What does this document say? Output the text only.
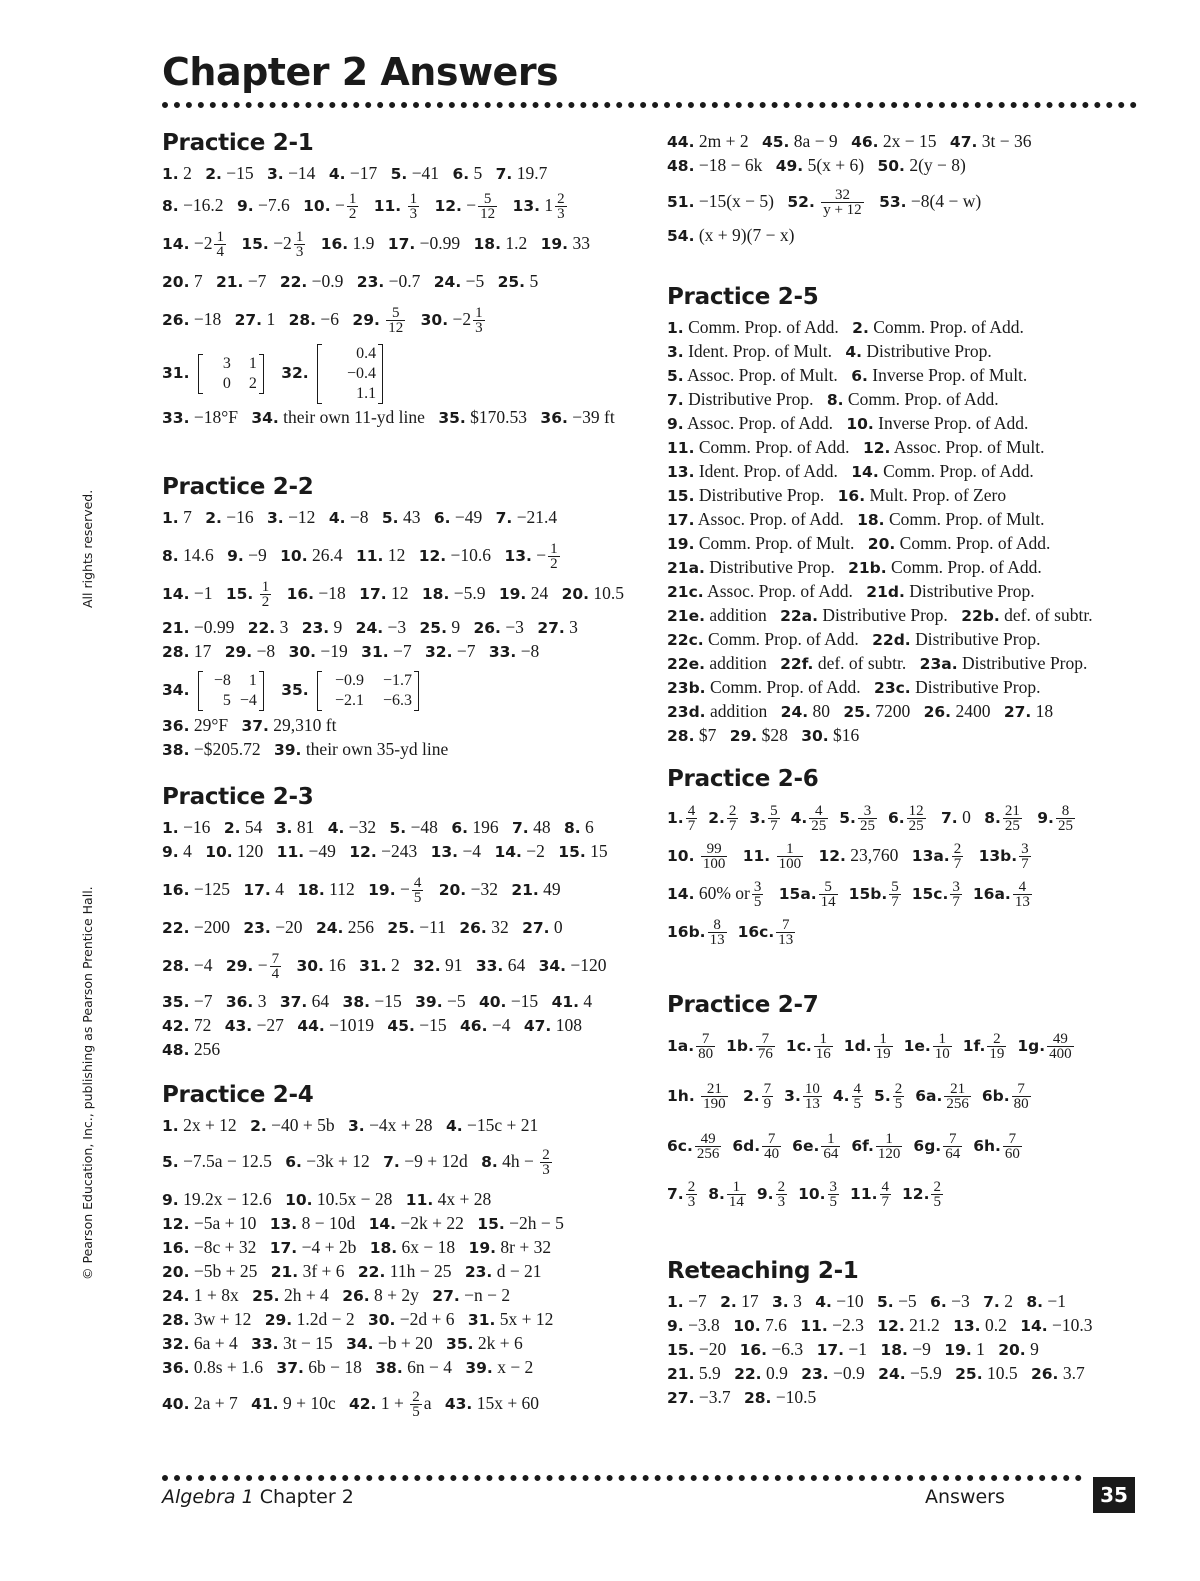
Chapter 2 Answers
© Pearson Education, Inc., publishing as Pearson Prentice Hall.
All rights reserved.
Practice 2-1
1. 2 2. −15 3. −14 4. −17 5. −41 6. 5 7. 19.7
8. −16.2 9. −7.6 10. − $\frac{1}{2} 11$. $\frac{1}{3} 12$. − $\frac{5}{12} 13$. $1 \frac{2}{3}$
14. $-2 \frac{1}{4} 15$. $-2 \frac{1}{3} 16$. 1.9 17. −0.99 18. 1.2 19. 33
20. 7 21. −7 22. −0.9 23. −0.7 24. −5 25. 5
26. −18 27. 1 28. −6 29. $\frac{5}{12} 30$. $-2 \frac{1}{3}$
31.
3 1
0 2
32.
0.4
−0.4
1.1
33. −18°F 34. their own 11-yd line 35. $170.53 36. −39 ft
Practice 2-2
1. 7 2. −16 3. −12 4. −8 5. 43 6. −49 7. −21.4
8. 14.6 9. −9 10. 26.4 11. 12 12. −10.6 13. − $\frac{1}{2}$
14. −1 15. $\frac{1}{2} 16$. −18 17. 12 18. −5.9 19. 24 20. 10.5
21. −0.99 22. 3 23. 9 24. −3 25. 9 26. −3 27. 3
28. 17 29. −8 30. −19 31. −7 32. −7 33. −8
34.
−8 1
5 −4
35.
−0.9 −1.7
−2.1 −6.3
36. 29°F 37. 29,310 ft
38. −$205.72 39. their own 35-yd line
Practice 2-3
1. −16 2. 54 3. 81 4. −32 5. −48 6. 196 7. 48 8. 6
9. 4 10. 120 11. −49 12. −243 13. −4 14. −2 15. 15
16. −125 17. 4 18. 112 19. − $\frac{4}{5} 20$. −32 21. 49
22. −200 23. −20 24. 256 25. −11 26. 32 27. 0
28. −4 29. − $\frac{7}{4} 30$. 16 31. 2 32. 91 33. 64 34. −120
35. −7 36. 3 37. 64 38. −15 39. −5 40. −15 41. 4
42. 72 43. −27 44. −1019 45. −15 46. −4 47. 108
48. 256
Practice 2-4
1. 2x + 12 2. −40 + 5b 3. −4x + 28 4. −15c + 21
5. −7.5a − 12.5 6. −3k + 12 7. −9 + 12d 8. $4h - \frac{2}{3}$
9. 19.2x − 12.6 10. 10.5x − 28 11. 4x + 28
12. −5a + 10 13. 8 − 10d 14. −2k + 22 15. −2h − 5
16. −8c + 32 17. −4 + 2b 18. 6x − 18 19. 8r + 32
20. −5b + 25 21. 3f + 6 22. 11h − 25 23. d − 21
24. 1 + 8x 25. 2h + 4 26. 8 + 2y 27. −n − 2
28. 3w + 12 29. 1.2d − 2 30. −2d + 6 31. 5x + 12
32. 6a + 4 33. 3t − 15 34. −b + 20 35. 2k + 6
36. 0.8s + 1.6 37. 6b − 18 38. 6n − 4 39. x − 2
40. 2a + 7 41. 9 + 10c 42. $1 + \frac{2}{5}$ a 43. 15x + 60
44. 2m + 2 45. 8a − 9 46. 2x − 15 47. 3t − 36
48. −18 − 6k 49. 5(x + 6) 50. 2(y − 8)
51. −15(x − 5) 52. $\frac{32}{y + 12} 53$. −8(4 − w)
54. (x + 9)(7 − x)
Practice 2-5
1. Comm. Prop. of Add. 2. Comm. Prop. of Add.
3. Ident. Prop. of Mult. 4. Distributive Prop.
5. Assoc. Prop. of Mult. 6. Inverse Prop. of Mult.
7. Distributive Prop. 8. Comm. Prop. of Add.
9. Assoc. Prop. of Add. 10. Inverse Prop. of Add.
11. Comm. Prop. of Add. 12. Assoc. Prop. of Mult.
13. Ident. Prop. of Add. 14. Comm. Prop. of Add.
15. Distributive Prop. 16. Mult. Prop. of Zero
17. Assoc. Prop. of Add. 18. Comm. Prop. of Mult.
19. Comm. Prop. of Mult. 20. Comm. Prop. of Add.
21a. Distributive Prop. 21b. Comm. Prop. of Add.
21c. Assoc. Prop. of Add. 21d. Distributive Prop.
21e. addition 22a. Distributive Prop. 22b. def. of subtr.
22c. Comm. Prop. of Add. 22d. Distributive Prop.
22e. addition 22f. def. of subtr. 23a. Distributive Prop.
23b. Comm. Prop. of Add. 23c. Distributive Prop.
23d. addition 24. 80 25. 7200 26. 2400 27. 18
28. $7 29. $28 30. $16
Practice 2-6
1. $\frac{4}{7} 2$. $\frac{2}{7} 3$. $\frac{5}{7} 4$. $\frac{4}{25} 5$. $\frac{3}{25} 6$. $\frac{12}{25} 7$. 0 8. $\frac{21}{25} 9$. $\frac{8}{25}$
10. $\frac{99}{100} 11$. $\frac{1}{100} 12$. 23,760 13a. $\frac{2}{7} 13b$. $\frac{3}{7}$
14. 60% or $\frac{3}{5} 15a$. $\frac{5}{14} 15b$. $\frac{5}{7} 15c$. $\frac{3}{7} 16a$. $\frac{4}{13}$
16b. $\frac{8}{13} 16c$. $\frac{7}{13}$
Practice 2-7
1a. $\frac{7}{80} 1b$. $\frac{7}{76} 1c$. $\frac{1}{16} 1d$. $\frac{1}{19} 1e$. $\frac{1}{10} 1f$. $\frac{2}{19} 1g$. $\frac{49}{400}$
1h. $\frac{21}{190} 2$. $\frac{7}{9} 3$. $\frac{10}{13} 4$. $\frac{4}{5} 5$. $\frac{2}{5} 6a$. $\frac{21}{256} 6b$. $\frac{7}{80}$
6c. $\frac{49}{256} 6d$. $\frac{7}{40} 6e$. $\frac{1}{64} 6f$. $\frac{1}{120} 6g$. $\frac{7}{64} 6h$. $\frac{7}{60}$
7. $\frac{2}{3} 8$. $\frac{1}{14} 9$. $\frac{2}{3} 10$. $\frac{3}{5} 11$. $\frac{4}{7} 12$. $\frac{2}{5}$
Reteaching 2-1
1. −7 2. 17 3. 3 4. −10 5. −5 6. −3 7. 2 8. −1
9. −3.8 10. 7.6 11. −2.3 12. 21.2 13. 0.2 14. −10.3
15. −20 16. −6.3 17. −1 18. −9 19. 1 20. 9
21. 5.9 22. 0.9 23. −0.9 24. −5.9 25. 10.5 26. 3.7
27. −3.7 28. −10.5
Algebra 1 Chapter 2	Answers	35
